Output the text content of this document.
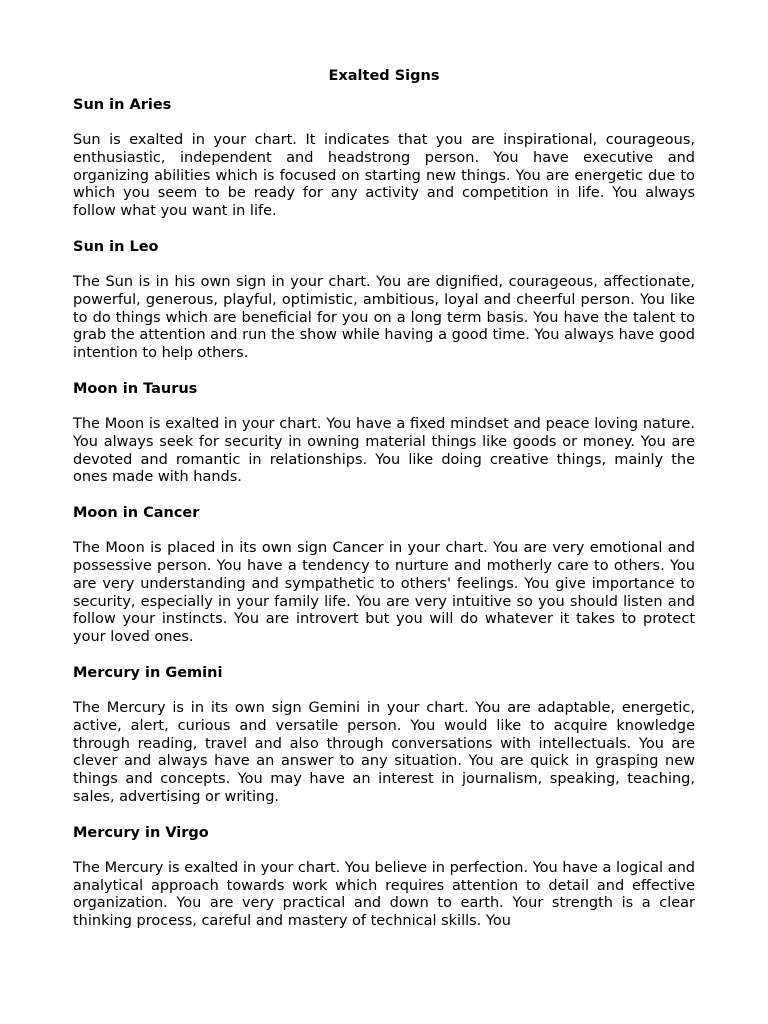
Exalted Signs
Sun in Aries
Sun is exalted in your chart. It indicates that you are inspirational, courageous, enthusiastic, independent and headstrong person. You have executive and organizing abilities which is focused on starting new things. You are energetic due to which you seem to be ready for any activity and competition in life. You always follow what you want in life.
Sun in Leo
The Sun is in his own sign in your chart. You are dignified, courageous, affectionate, powerful, generous, playful, optimistic, ambitious, loyal and cheerful person. You like to do things which are beneficial for you on a long term basis. You have the talent to grab the attention and run the show while having a good time. You always have good intention to help others.
Moon in Taurus
The Moon is exalted in your chart. You have a fixed mindset and peace loving nature. You always seek for security in owning material things like goods or money. You are devoted and romantic in relationships. You like doing creative things, mainly the ones made with hands.
Moon in Cancer
The Moon is placed in its own sign Cancer in your chart. You are very emotional and possessive person. You have a tendency to nurture and motherly care to others. You are very understanding and sympathetic to others' feelings. You give importance to security, especially in your family life. You are very intuitive so you should listen and follow your instincts. You are introvert but you will do whatever it takes to protect your loved ones.
Mercury in Gemini
The Mercury is in its own sign Gemini in your chart. You are adaptable, energetic, active, alert, curious and versatile person. You would like to acquire knowledge through reading, travel and also through conversations with intellectuals. You are clever and always have an answer to any situation. You are quick in grasping new things and concepts. You may have an interest in journalism, speaking, teaching, sales, advertising or writing.
Mercury in Virgo
The Mercury is exalted in your chart. You believe in perfection. You have a logical and analytical approach towards work which requires attention to detail and effective organization. You are very practical and down to earth. Your strength is a clear thinking process, careful and mastery of technical skills. You
